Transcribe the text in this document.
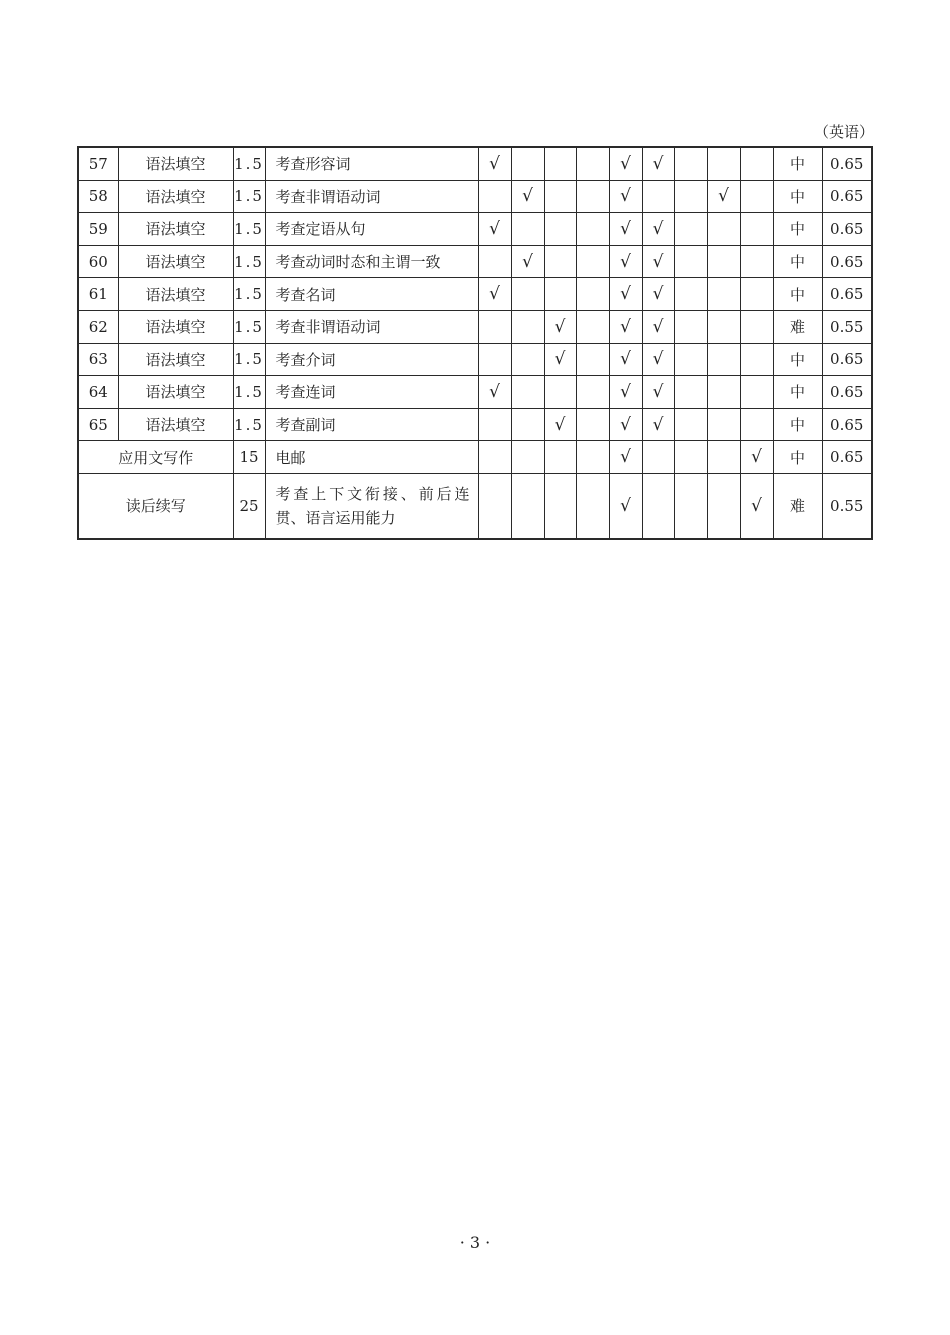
（英语）
57	语法填空	1.5	考查形容词	√				√	√				中	0.65
58	语法填空	1.5	考查非谓语动词		√			√			√		中	0.65
59	语法填空	1.5	考查定语从句	√				√	√				中	0.65
60	语法填空	1.5	考查动词时态和主谓一致		√			√	√				中	0.65
61	语法填空	1.5	考查名词	√				√	√				中	0.65
62	语法填空	1.5	考查非谓语动词			√		√	√				难	0.55
63	语法填空	1.5	考查介词			√		√	√				中	0.65
64	语法填空	1.5	考查连词	√				√	√				中	0.65
65	语法填空	1.5	考查副词			√		√	√				中	0.65
应用文写作		15	电邮					√				√	中	0.65
读后续写		25	考查上下文衔接、前后连贯、语言运用能力					√				√	难	0.55
· 3 ·
